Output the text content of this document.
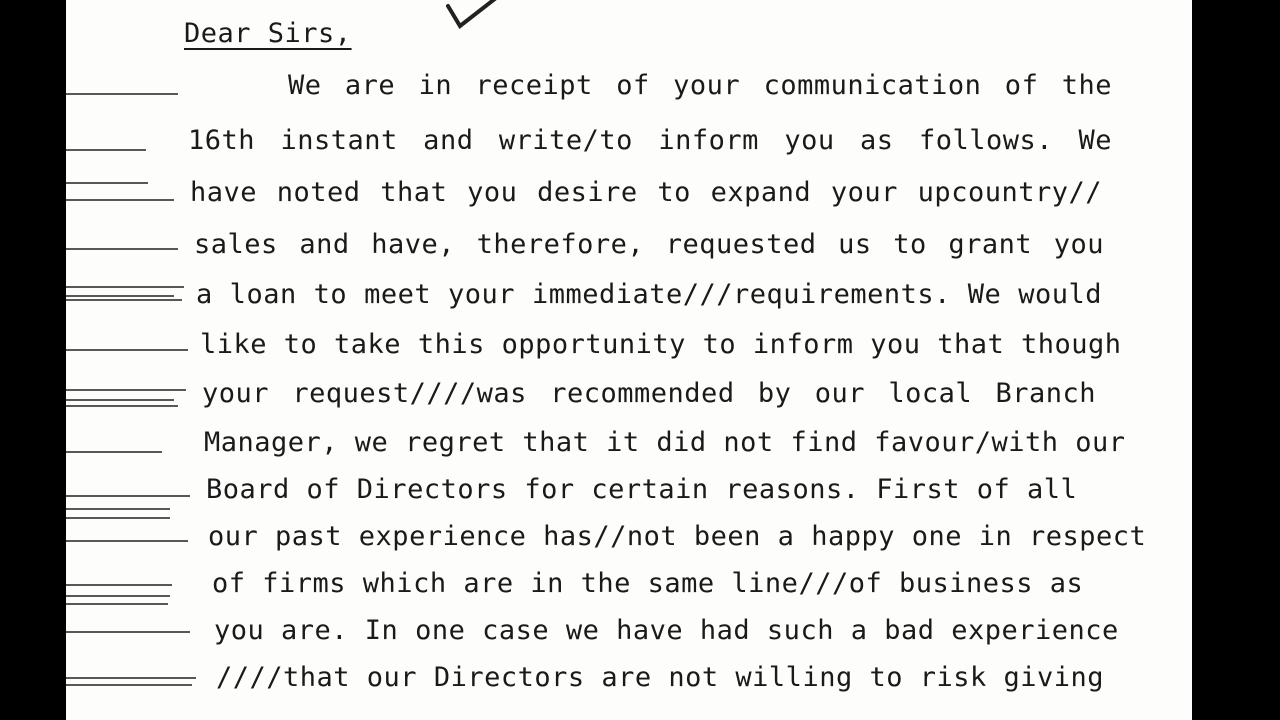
Dear Sirs,

We are in receipt of your communication of the

16th instant and write/to inform you as follows. We

have noted that you desire to expand your upcountry//

sales and have, therefore, requested us to grant you

a loan to meet your immediate///requirements. We would

like to take this opportunity to inform you that though

your request////was recommended by our local Branch

Manager, we regret that it did not find favour/with our

Board of Directors for certain reasons. First of all

our past experience has//not been a happy one in respect

of firms which are in the same line///of business as

you are. In one case we have had such a bad experience

////that our Directors are not willing to risk giving
